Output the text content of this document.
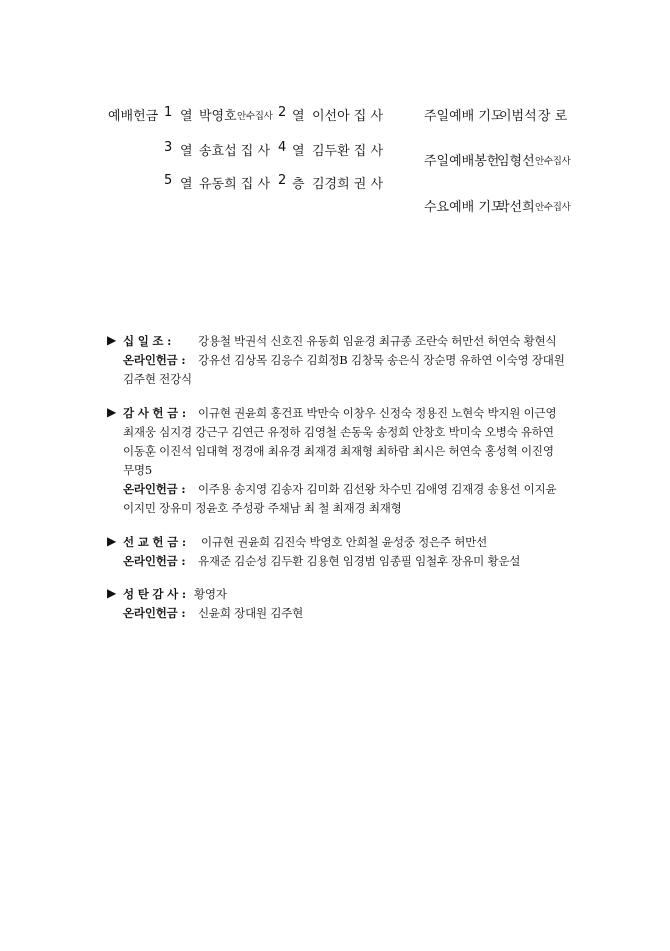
예배헌금 1 열 박영호 안수집사 2 열 이선아 집 사
3 열 송효섭 집 사 4 열 김두환 집 사
5 열 유동희 집 사 2 층 김경희 권 사
주일예배 기도
이범석 장 로
주일예배봉헌
임형선 안수집사
수요예배 기도
박선희 안수집사
▶ 십 일 조 : 강용철 박권석 신호진 유동희 임윤경 최규종 조란숙 허만선 허연숙 황현식
온라인헌금 : 강유선 김상목 김응수 김희정B 김창묵 송은식 장순명 유하연 이숙영 장대원
김주현 전강식
▶ 감 사 헌 금 : 이규현 권윤희 홍건표 박만숙 이창우 신정숙 정용진 노현숙 박지원 이근영
최재웅 심지경 강근구 김연근 유정하 김영철 손동욱 송정희 안창호 박미숙 오병숙 유하연
이동훈 이진석 임대혁 정경애 최유경 최재경 최재형 최하람 최시은 허연숙 홍성혁 이진영
무명5
온라인헌금 : 이주용 송지영 김송자 김미화 김선왕 차수민 김애영 김재경 송용선 이지윤
이지민 장유미 정윤호 주성광 주채남 최 철 최재경 최재형
▶ 선 교 헌 금 : 이규현 권윤희 김진숙 박영호 안희철 윤성중 정은주 허만선
온라인헌금 : 유재준 김순성 김두환 김용현 임경범 임종필 임철후 장유미 황운설
▶ 성 탄 감 사 : 황영자
온라인헌금 : 신윤희 장대원 김주현
